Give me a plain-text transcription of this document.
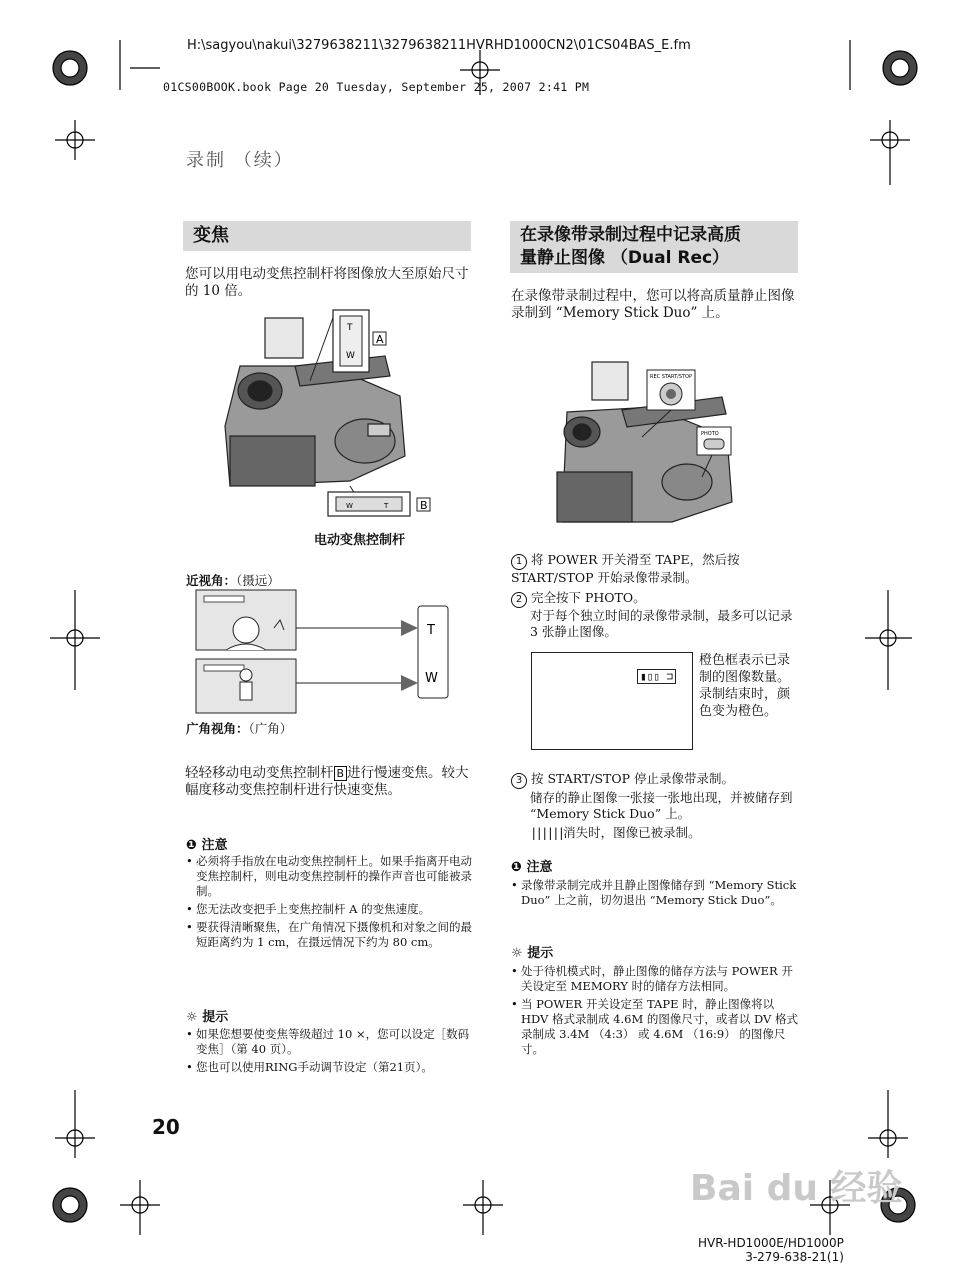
H:\sagyou\nakui\3279638211\3279638211HVRHD1000CN2\01CS04BAS_E.fm
01CS00BOOK.book Page 20 Tuesday, September 25, 2007 2:41 PM
录制 （续）
变焦
您可以用电动变焦控制杆将图像放大至原始尺寸的 10 倍。
T
W
A
W	T	B
电动变焦控制杆
近视角：（摄远）
T
W
广角视角：（广角）
轻轻移动电动变焦控制杆 B 进行慢速变焦。较大幅度移动变焦控制杆进行快速变焦。
❶ 注意
• 必须将手指放在电动变焦控制杆上。如果手指离开电动变焦控制杆，则电动变焦控制杆的操作声音也可能被录制。
• 您无法改变把手上变焦控制杆 A 的变焦速度。
• 要获得清晰聚焦，在广角情况下摄像机和对象之间的最短距离约为 1 cm，在摄远情况下约为 80 cm。
☼ 提示
• 如果您想要使变焦等级超过 10 ×，您可以设定［数码变焦］（第 40 页）。
• 您也可以使用RING手动调节设定（第21页）。
在录像带录制过程中记录高质
量静止图像 （Dual Rec）
在录像带录制过程中，您可以将高质量静止图像录制到 “Memory Stick Duo” 上。
REC START/STOP
PHOTO
1 将 POWER 开关滑至 TAPE，然后按 START/STOP 开始录像带录制。
2 完全按下 PHOTO。
对于每个独立时间的录像带录制，最多可以记录 3 张静止图像。
▮▯▯ ⊐
橙色框表示已录制的图像数量。录制结束时，颜色变为橙色。
3 按 START/STOP 停止录像带录制。
储存的静止图像一张接一张地出现，并被储存到 “Memory Stick Duo” 上。
||||||消失时，图像已被录制。
❶ 注意
• 录像带录制完成并且静止图像储存到 “Memory Stick Duo” 上之前，切勿退出 “Memory Stick Duo”。
☼ 提示
• 处于待机模式时，静止图像的储存方法与 POWER 开关设定至 MEMORY 时的储存方法相同。
• 当 POWER 开关设定至 TAPE 时，静止图像将以 HDV 格式录制成 4.6M 的图像尺寸，或者以 DV 格式录制成 3.4M （4:3） 或 4.6M （16:9） 的图像尺寸。
20
Bai du 经验
HVR-HD1000E/HD1000P
3-279-638-21(1)
